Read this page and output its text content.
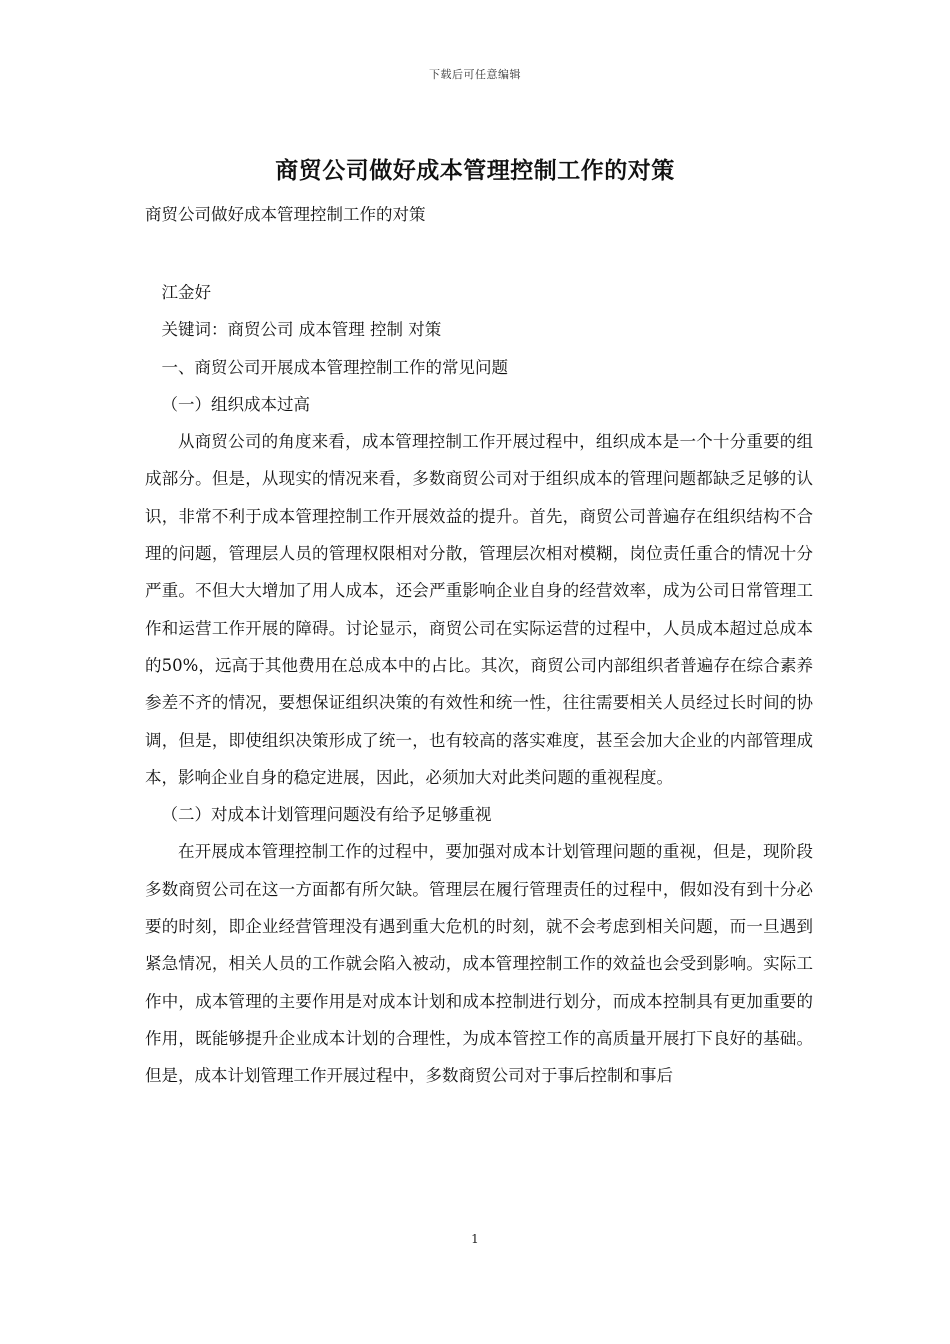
下载后可任意编辑
商贸公司做好成本管理控制工作的对策
商贸公司做好成本管理控制工作的对策

江金好

关键词：商贸公司 成本管理 控制 对策

一、商贸公司开展成本管理控制工作的常见问题

（一）组织成本过高

从商贸公司的角度来看，成本管理控制工作开展过程中，组织成本是一个十分重要的组成部分。但是，从现实的情况来看，多数商贸公司对于组织成本的管理问题都缺乏足够的认识，非常不利于成本管理控制工作开展效益的提升。首先，商贸公司普遍存在组织结构不合理的问题，管理层人员的管理权限相对分散，管理层次相对模糊，岗位责任重合的情况十分严重。不但大大增加了用人成本，还会严重影响企业自身的经营效率，成为公司日常管理工作和运营工作开展的障碍。讨论显示，商贸公司在实际运营的过程中，人员成本超过总成本的50%，远高于其他费用在总成本中的占比。其次，商贸公司内部组织者普遍存在综合素养参差不齐的情况，要想保证组织决策的有效性和统一性，往往需要相关人员经过长时间的协调，但是，即使组织决策形成了统一，也有较高的落实难度，甚至会加大企业的内部管理成本，影响企业自身的稳定进展，因此，必须加大对此类问题的重视程度。

（二）对成本计划管理问题没有给予足够重视

在开展成本管理控制工作的过程中，要加强对成本计划管理问题的重视，但是，现阶段多数商贸公司在这一方面都有所欠缺。管理层在履行管理责任的过程中，假如没有到十分必要的时刻，即企业经营管理没有遇到重大危机的时刻，就不会考虑到相关问题，而一旦遇到紧急情况，相关人员的工作就会陷入被动，成本管理控制工作的效益也会受到影响。实际工作中，成本管理的主要作用是对成本计划和成本控制进行划分，而成本控制具有更加重要的作用，既能够提升企业成本计划的合理性，为成本管控工作的高质量开展打下良好的基础。但是，成本计划管理工作开展过程中，多数商贸公司对于事后控制和事后

1
